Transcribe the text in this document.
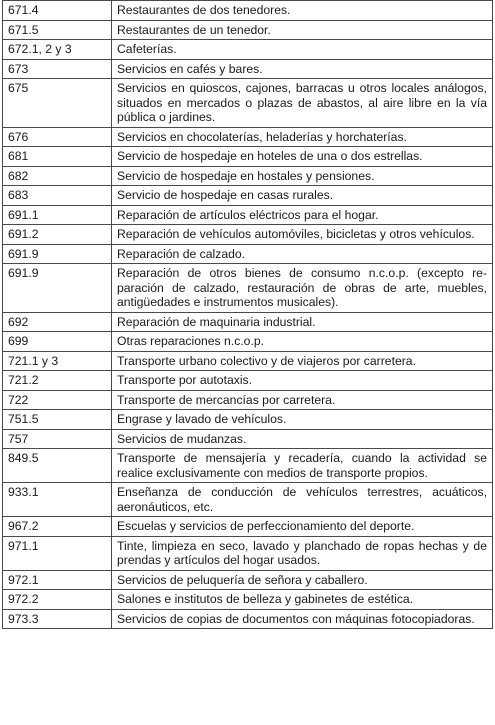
671.4	Restaurantes de dos tenedores.
671.5	Restaurantes de un tenedor.
672.1, 2 y 3	Cafeterías.
673	Servicios en cafés y bares.
675	Servicios en quioscos, cajones, barracas u otros locales análogos, situados en mercados o plazas de abastos, al aire libre en la vía pública o jardines.
676	Servicios en chocolaterías, heladerías y horchaterías.
681	Servicio de hospedaje en hoteles de una o dos estrellas.
682	Servicio de hospedaje en hostales y pensiones.
683	Servicio de hospedaje en casas rurales.
691.1	Reparación de artículos eléctricos para el hogar.
691.2	Reparación de vehículos automóviles, bicicletas y otros vehículos.
691.9	Reparación de calzado.
691.9	Reparación de otros bienes de consumo n.c.o.p. (excepto reparación de calzado, restauración de obras de arte, muebles, antigüedades e instrumentos musicales).
692	Reparación de maquinaria industrial.
699	Otras reparaciones n.c.o.p.
721.1 y 3	Transporte urbano colectivo y de viajeros por carretera.
721.2	Transporte por autotaxis.
722	Transporte de mercancías por carretera.
751.5	Engrase y lavado de vehículos.
757	Servicios de mudanzas.
849.5	Transporte de mensajería y recadería, cuando la actividad se realice exclusivamente con medios de transporte propios.
933.1	Enseñanza de conducción de vehículos terrestres, acuáticos, aeronáuticos, etc.
967.2	Escuelas y servicios de perfeccionamiento del deporte.
971.1	Tinte, limpieza en seco, lavado y planchado de ropas hechas y de prendas y artículos del hogar usados.
972.1	Servicios de peluquería de señora y caballero.
972.2	Salones e institutos de belleza y gabinetes de estética.
973.3	Servicios de copias de documentos con máquinas fotocopiadoras.
